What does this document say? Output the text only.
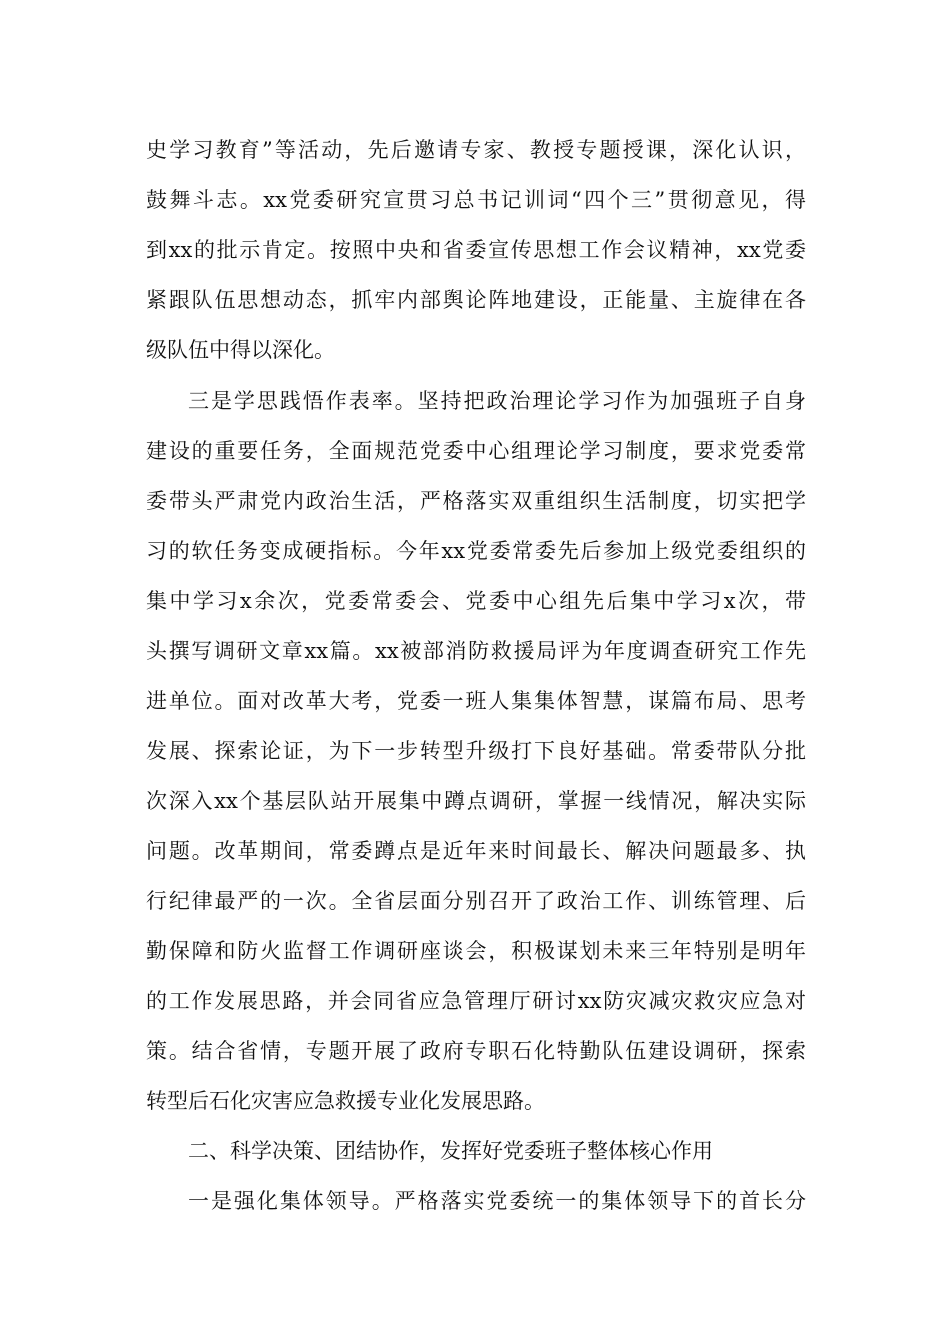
史学习教育”等活动，先后邀请专家、教授专题授课，深化认识，
鼓舞斗志。xx党委研究宣贯习总书记训词“四个三”贯彻意见，得
到xx的批示肯定。按照中央和省委宣传思想工作会议精神，xx党委
紧跟队伍思想动态，抓牢内部舆论阵地建设，正能量、主旋律在各
级队伍中得以深化。
三是学思践悟作表率。坚持把政治理论学习作为加强班子自身
建设的重要任务，全面规范党委中心组理论学习制度，要求党委常
委带头严肃党内政治生活，严格落实双重组织生活制度，切实把学
习的软任务变成硬指标。今年xx党委常委先后参加上级党委组织的
集中学习x余次，党委常委会、党委中心组先后集中学习x次，带
头撰写调研文章xx篇。xx被部消防救援局评为年度调查研究工作先
进单位。面对改革大考，党委一班人集集体智慧，谋篇布局、思考
发展、探索论证，为下一步转型升级打下良好基础。常委带队分批
次深入xx个基层队站开展集中蹲点调研，掌握一线情况，解决实际
问题。改革期间，常委蹲点是近年来时间最长、解决问题最多、执
行纪律最严的一次。全省层面分别召开了政治工作、训练管理、后
勤保障和防火监督工作调研座谈会，积极谋划未来三年特别是明年
的工作发展思路，并会同省应急管理厅研讨xx防灾减灾救灾应急对
策。结合省情，专题开展了政府专职石化特勤队伍建设调研，探索
转型后石化灾害应急救援专业化发展思路。
二、科学决策、团结协作，发挥好党委班子整体核心作用
一是强化集体领导。严格落实党委统一的集体领导下的首长分
